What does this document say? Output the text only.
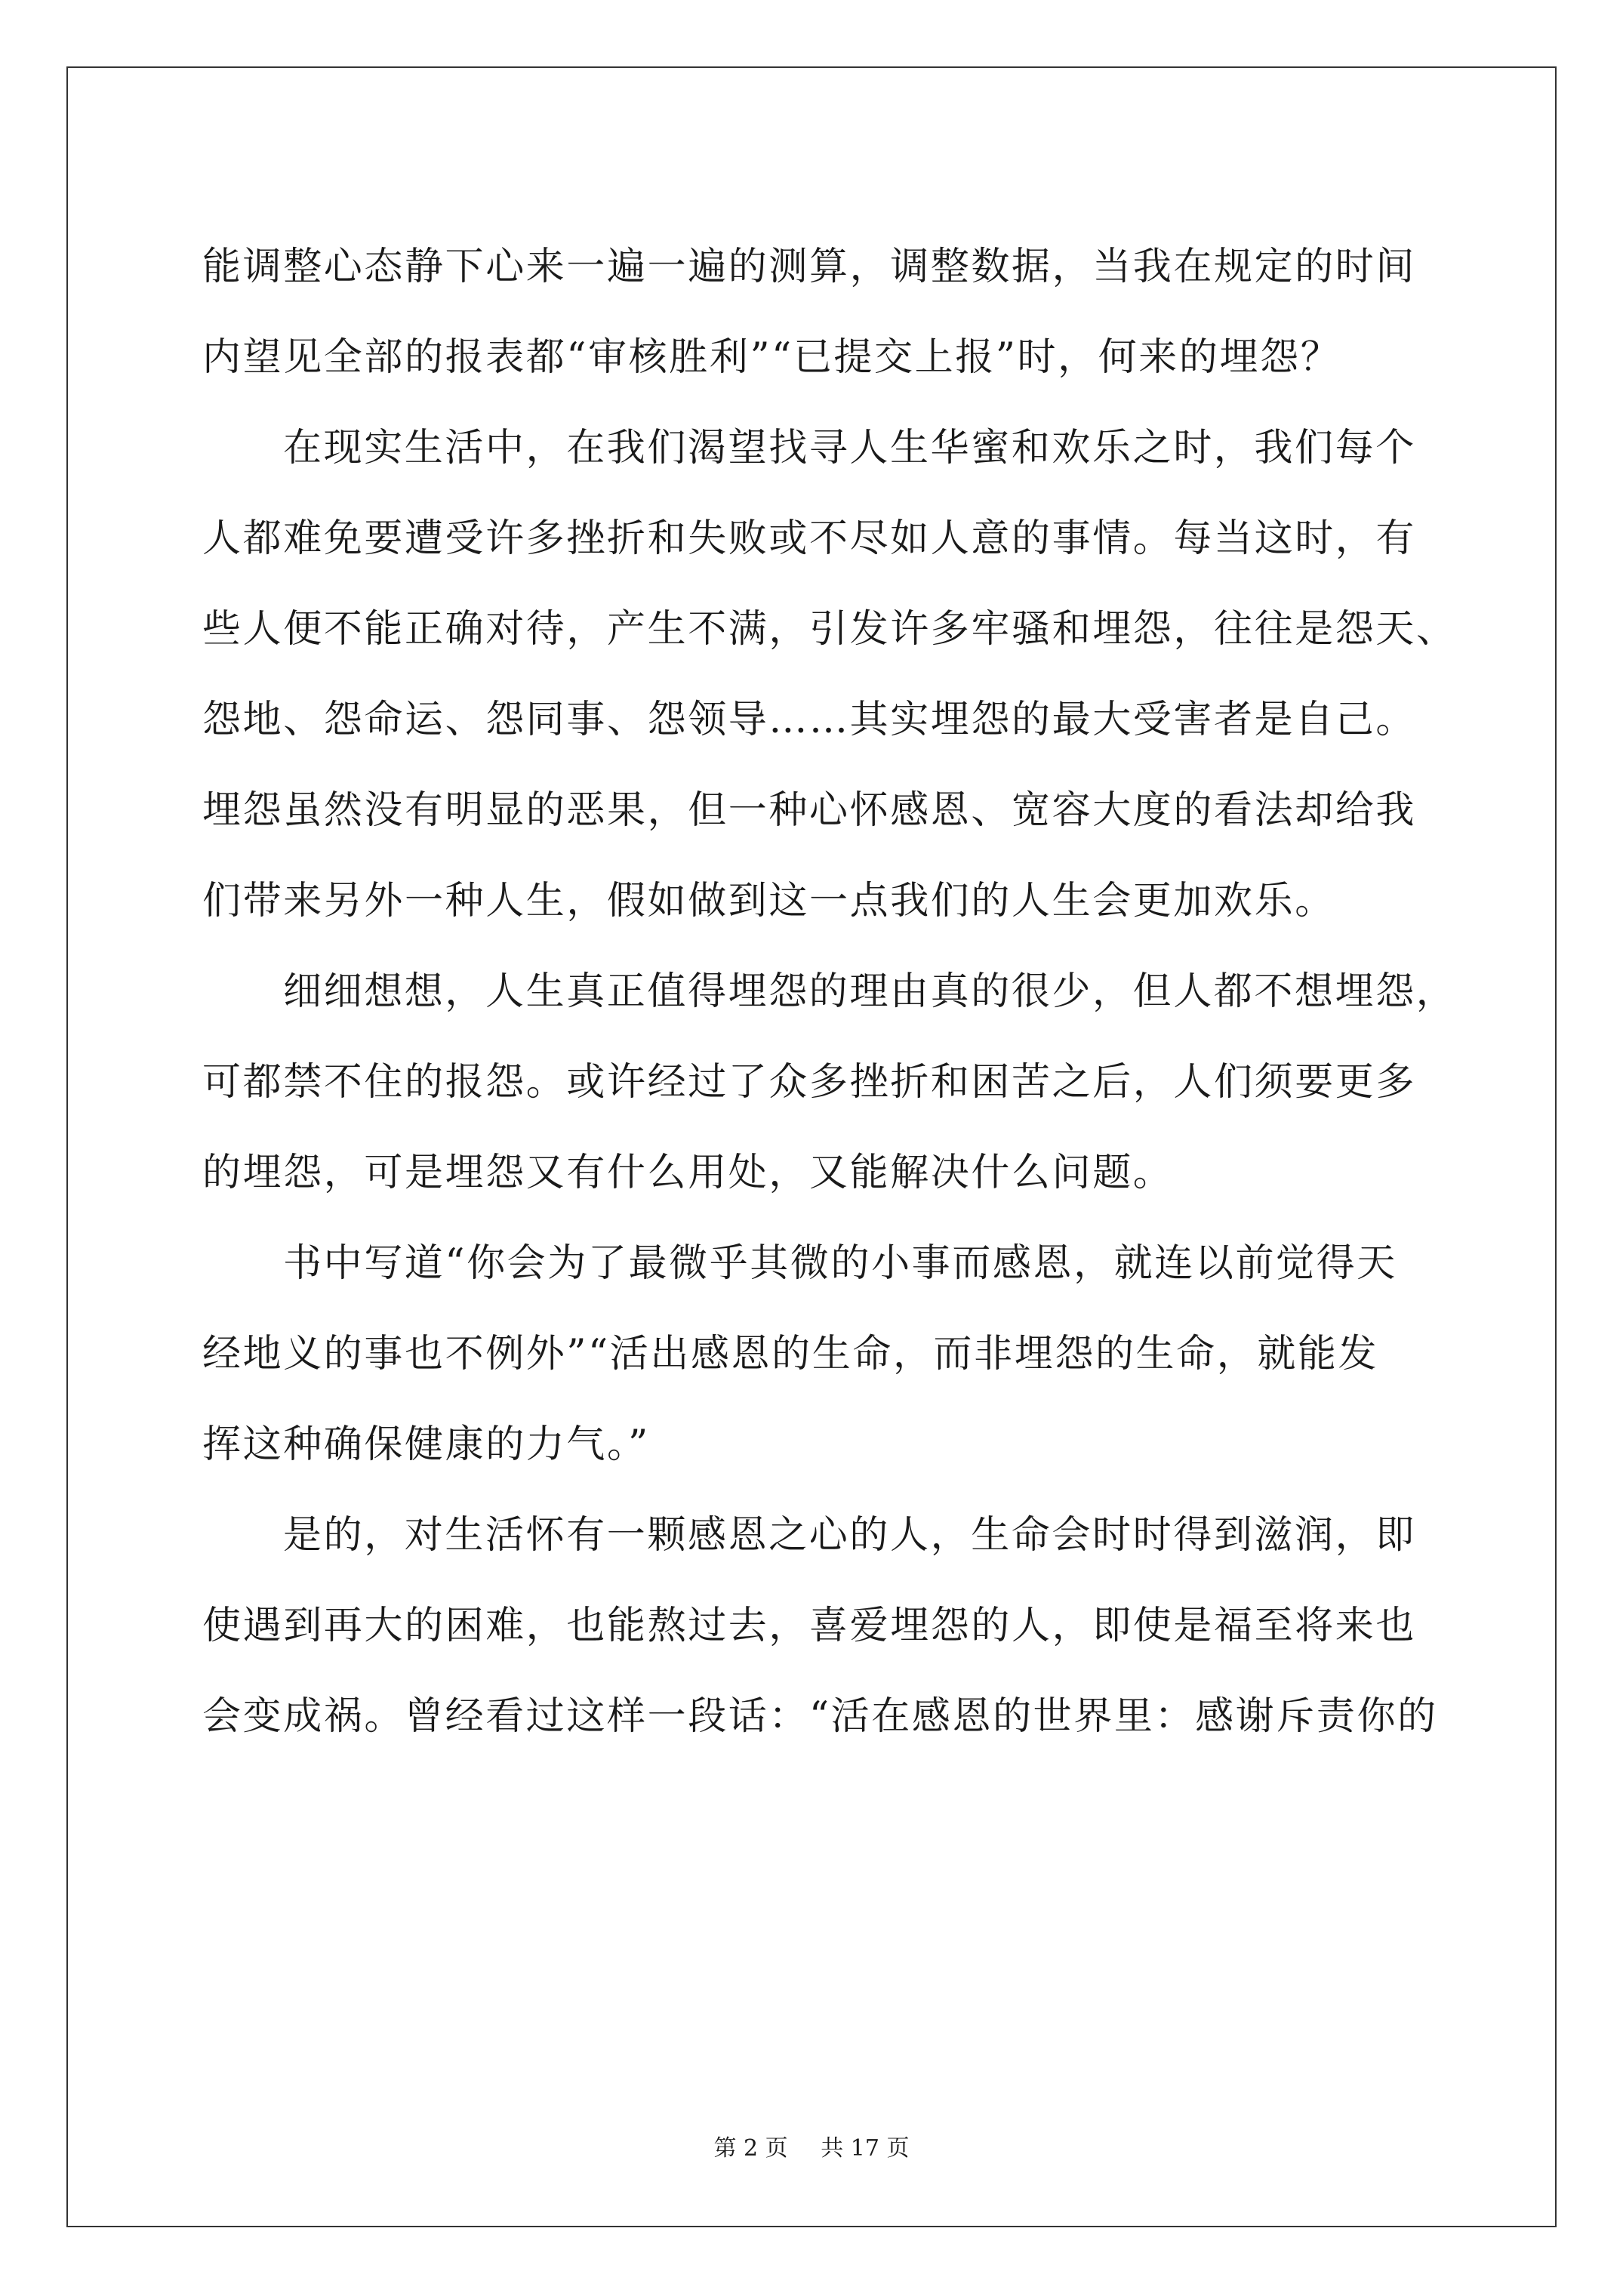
能调整心态静下心来一遍一遍的测算，调整数据，当我在规定的时间
内望见全部的报表都“审核胜利”“已提交上报”时，何来的埋怨？
在现实生活中，在我们渴望找寻人生华蜜和欢乐之时，我们每个
人都难免要遭受许多挫折和失败或不尽如人意的事情。每当这时，有
些人便不能正确对待，产生不满，引发许多牢骚和埋怨，往往是怨天、
怨地、怨命运、怨同事、怨领导……其实埋怨的最大受害者是自己。
埋怨虽然没有明显的恶果，但一种心怀感恩、宽容大度的看法却给我
们带来另外一种人生，假如做到这一点我们的人生会更加欢乐。
细细想想，人生真正值得埋怨的理由真的很少，但人都不想埋怨，
可都禁不住的报怨。或许经过了众多挫折和困苦之后，人们须要更多
的埋怨，可是埋怨又有什么用处，又能解决什么问题。
书中写道“你会为了最微乎其微的小事而感恩，就连以前觉得天
经地义的事也不例外”“活出感恩的生命，而非埋怨的生命，就能发
挥这种确保健康的力气。”
是的，对生活怀有一颗感恩之心的人，生命会时时得到滋润，即
使遇到再大的困难，也能熬过去，喜爱埋怨的人，即使是福至将来也
会变成祸。曾经看过这样一段话：“活在感恩的世界里：感谢斥责你的
第 2 页 共 17 页
